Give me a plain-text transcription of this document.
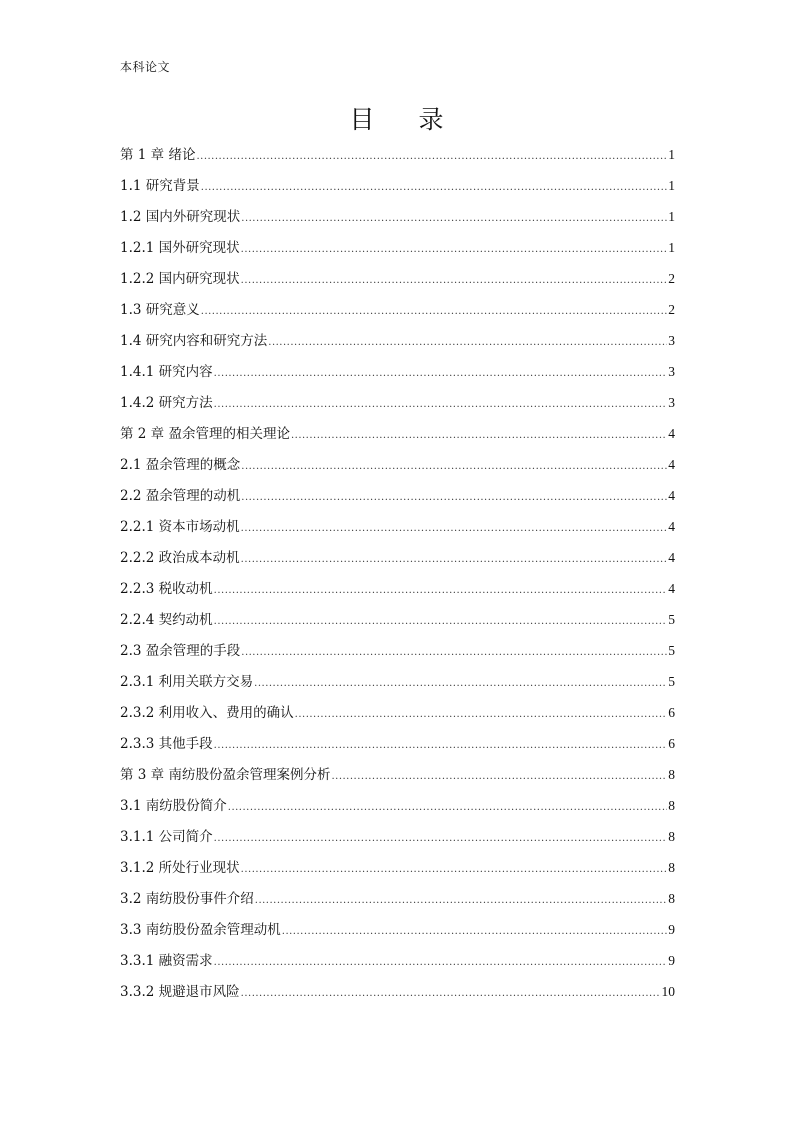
本科论文
目 录
第 1 章 绪论 .....	1
1.1 研究背景 .....	1
1.2 国内外研究现状 .....	1
1.2.1 国外研究现状 .....	1
1.2.2 国内研究现状 .....	2
1.3 研究意义 .....	2
1.4 研究内容和研究方法 .....	3
1.4.1 研究内容 .....	3
1.4.2 研究方法 .....	3
第 2 章 盈余管理的相关理论 .....	4
2.1 盈余管理的概念 .....	4
2.2 盈余管理的动机 .....	4
2.2.1 资本市场动机 .....	4
2.2.2 政治成本动机 .....	4
2.2.3 税收动机 .....	4
2.2.4 契约动机 .....	5
2.3 盈余管理的手段 .....	5
2.3.1 利用关联方交易 .....	5
2.3.2 利用收入、费用的确认 .....	6
2.3.3 其他手段 .....	6
第 3 章 南纺股份盈余管理案例分析 .....	8
3.1 南纺股份简介 .....	8
3.1.1 公司简介 .....	8
3.1.2 所处行业现状 .....	8
3.2 南纺股份事件介绍 .....	8
3.3 南纺股份盈余管理动机 .....	9
3.3.1 融资需求 .....	9
3.3.2 规避退市风险 .....	10
